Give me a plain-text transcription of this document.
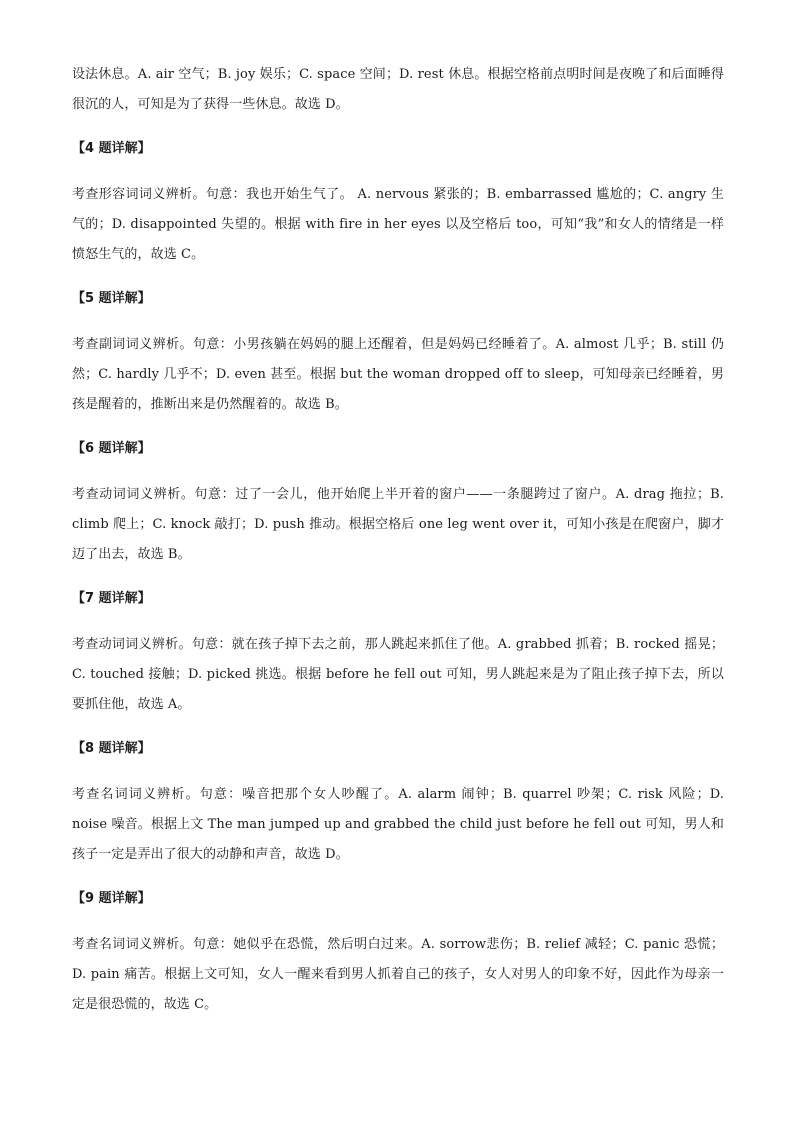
设法休息。A. air 空气；B. joy 娱乐；C. space 空间；D. rest 休息。根据空格前点明时间是夜晚了和后面睡得很沉的人，可知是为了获得一些休息。故选 D。

【4 题详解】

考查形容词词义辨析。句意：我也开始生气了。 A. nervous 紧张的；B. embarrassed 尴尬的；C. angry 生气的；D. disappointed 失望的。根据 with fire in her eyes 以及空格后 too，可知“我”和女人的情绪是一样愤怒生气的，故选 C。

【5 题详解】

考查副词词义辨析。句意：小男孩躺在妈妈的腿上还醒着，但是妈妈已经睡着了。A. almost 几乎；B. still 仍然；C. hardly 几乎不；D. even 甚至。根据 but the woman dropped off to sleep，可知母亲已经睡着，男孩是醒着的，推断出来是仍然醒着的。故选 B。

【6 题详解】

考查动词词义辨析。句意：过了一会儿，他开始爬上半开着的窗户——一条腿跨过了窗户。A. drag 拖拉；B. climb 爬上；C. knock 敲打；D. push 推动。根据空格后 one leg went over it，可知小孩是在爬窗户，脚才迈了出去，故选 B。

【7 题详解】

考查动词词义辨析。句意：就在孩子掉下去之前，那人跳起来抓住了他。A. grabbed 抓着；B. rocked 摇晃；C. touched 接触；D. picked 挑选。根据 before he fell out 可知，男人跳起来是为了阻止孩子掉下去，所以要抓住他，故选 A。

【8 题详解】

考查名词词义辨析。句意：噪音把那个女人吵醒了。A. alarm 闹钟；B. quarrel 吵架；C. risk 风险；D. noise 噪音。根据上文 The man jumped up and grabbed the child just before he fell out 可知，男人和孩子一定是弄出了很大的动静和声音，故选 D。

【9 题详解】

考查名词词义辨析。句意：她似乎在恐慌，然后明白过来。A. sorrow悲伤；B. relief 减轻；C. panic 恐慌；D. pain 痛苦。根据上文可知，女人一醒来看到男人抓着自己的孩子，女人对男人的印象不好，因此作为母亲一定是很恐慌的，故选 C。
